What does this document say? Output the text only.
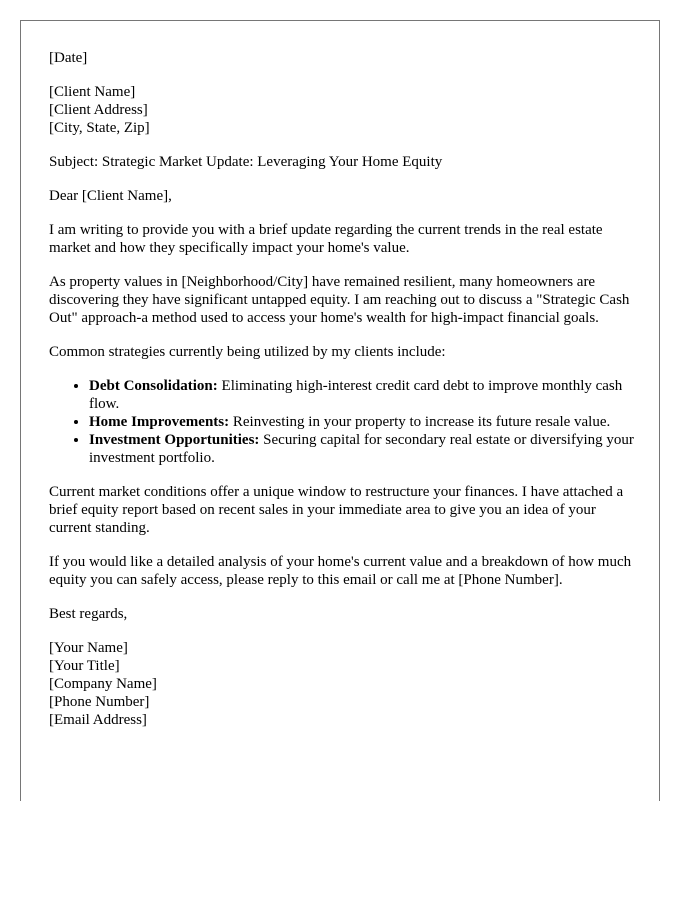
[Date]

[Client Name]
[Client Address]
[City, State, Zip]

Subject: Strategic Market Update: Leveraging Your Home Equity

Dear [Client Name],

I am writing to provide you with a brief update regarding the current trends in the real estate market and how they specifically impact your home's value.

As property values in [Neighborhood/City] have remained resilient, many homeowners are discovering they have significant untapped equity. I am reaching out to discuss a "Strategic Cash Out" approach-a method used to access your home's wealth for high-impact financial goals.

Common strategies currently being utilized by my clients include:

• Debt Consolidation: Eliminating high-interest credit card debt to improve monthly cash flow.
• Home Improvements: Reinvesting in your property to increase its future resale value.
• Investment Opportunities: Securing capital for secondary real estate or diversifying your investment portfolio.

Current market conditions offer a unique window to restructure your finances. I have attached a brief equity report based on recent sales in your immediate area to give you an idea of your current standing.

If you would like a detailed analysis of your home's current value and a breakdown of how much equity you can safely access, please reply to this email or call me at [Phone Number].

Best regards,

[Your Name]
[Your Title]
[Company Name]
[Phone Number]
[Email Address]
